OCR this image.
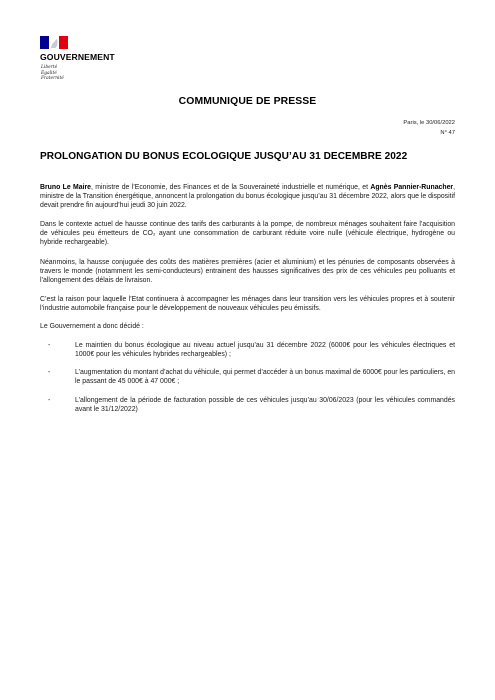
GOUVERNEMENT
Liberté
Égalité
Fraternité
COMMUNIQUE DE PRESSE
Paris, le 30/06/2022
N° 47
PROLONGATION DU BONUS ECOLOGIQUE JUSQU’AU 31 DECEMBRE 2022

Bruno Le Maire, ministre de l’Economie, des Finances et de la Souveraineté industrielle et numérique, et Agnès Pannier-Runacher, ministre de la Transition énergétique, annoncent la prolongation du bonus écologique jusqu’au 31 décembre 2022, alors que le dispositif devait prendre fin aujourd’hui jeudi 30 juin 2022.

Dans le contexte actuel de hausse continue des tarifs des carburants à la pompe, de nombreux ménages souhaitent faire l’acquisition de véhicules peu émetteurs de CO₂ ayant une consommation de carburant réduite voire nulle (véhicule électrique, hydrogène ou hybride rechargeable).

Néanmoins, la hausse conjuguée des coûts des matières premières (acier et aluminium) et les pénuries de composants observées à travers le monde (notamment les semi-conducteurs) entrainent des hausses significatives des prix de ces véhicules peu polluants et l’allongement des délais de livraison.

C’est la raison pour laquelle l’Etat continuera à accompagner les ménages dans leur transition vers les véhicules propres et à soutenir l’industrie automobile française pour le développement de nouveaux véhicules peu émissifs.

Le Gouvernement a donc décidé :

-	Le maintien du bonus écologique au niveau actuel jusqu’au 31 décembre 2022 (6000€ pour les véhicules électriques et 1000€ pour les véhicules hybrides rechargeables) ;
-	L’augmentation du montant d’achat du véhicule, qui permet d’accéder à un bonus maximal de 6000€ pour les particuliers, en le passant de 45 000€ à 47 000€ ;
-	L’allongement de la période de facturation possible de ces véhicules jusqu’au 30/06/2023 (pour les véhicules commandés avant le 31/12/2022)
